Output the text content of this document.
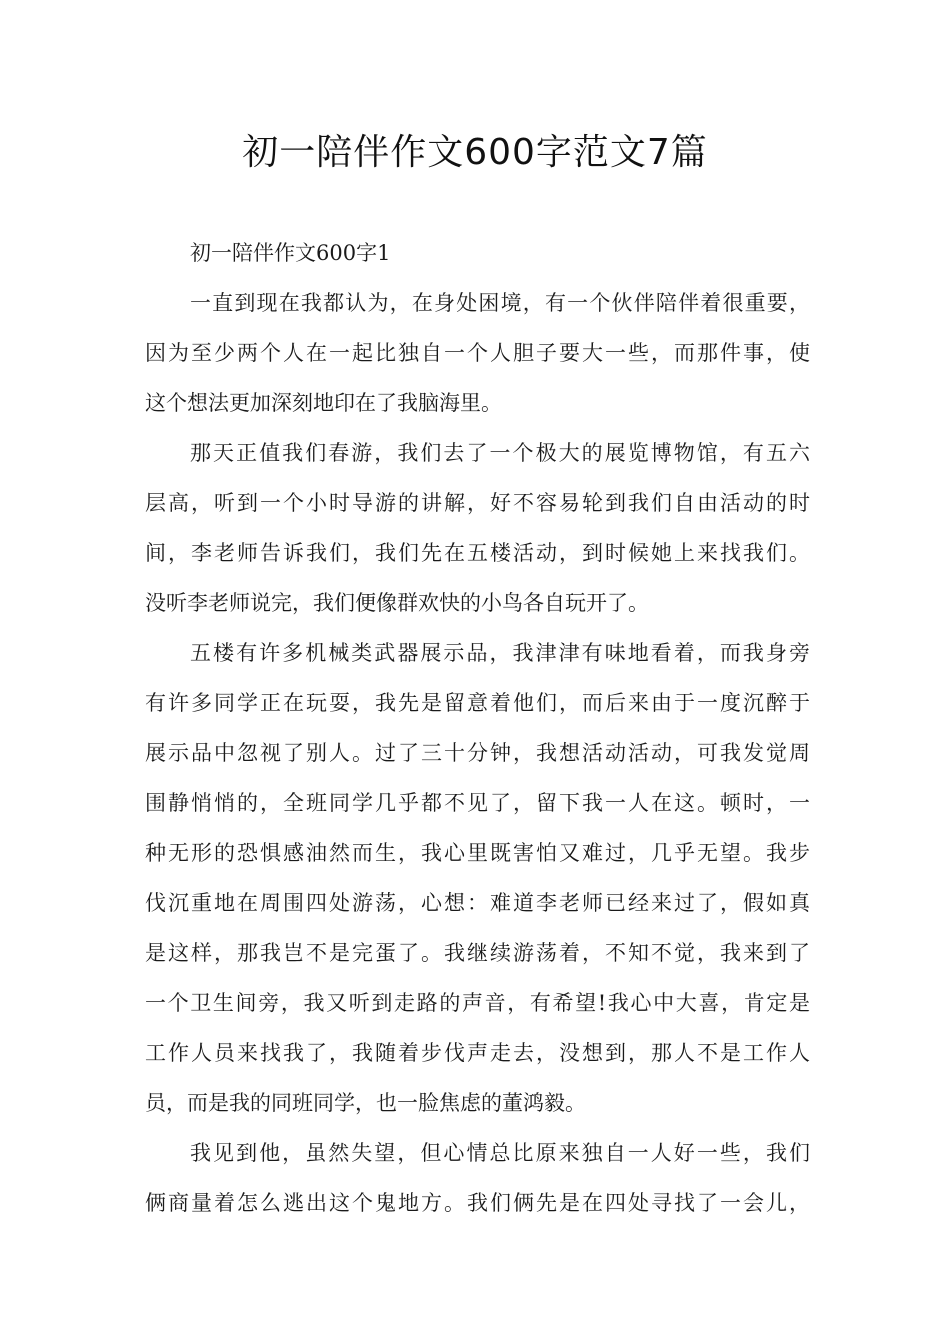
初一陪伴作文600字范文7篇
初一陪伴作文600字1
一直到现在我都认为，在身处困境，有一个伙伴陪伴着很重要，
因为至少两个人在一起比独自一个人胆子要大一些，而那件事，使
这个想法更加深刻地印在了我脑海里。
那天正值我们春游，我们去了一个极大的展览博物馆，有五六
层高，听到一个小时导游的讲解，好不容易轮到我们自由活动的时
间，李老师告诉我们，我们先在五楼活动，到时候她上来找我们。
没听李老师说完，我们便像群欢快的小鸟各自玩开了。
五楼有许多机械类武器展示品，我津津有味地看着，而我身旁
有许多同学正在玩耍，我先是留意着他们，而后来由于一度沉醉于
展示品中忽视了别人。过了三十分钟，我想活动活动，可我发觉周
围静悄悄的，全班同学几乎都不见了，留下我一人在这。顿时，一
种无形的恐惧感油然而生，我心里既害怕又难过，几乎无望。我步
伐沉重地在周围四处游荡，心想：难道李老师已经来过了，假如真
是这样，那我岂不是完蛋了。我继续游荡着，不知不觉，我来到了
一个卫生间旁，我又听到走路的声音，有希望!我心中大喜，肯定是
工作人员来找我了，我随着步伐声走去，没想到，那人不是工作人
员，而是我的同班同学，也一脸焦虑的董鸿毅。
我见到他，虽然失望，但心情总比原来独自一人好一些，我们
俩商量着怎么逃出这个鬼地方。我们俩先是在四处寻找了一会儿，
